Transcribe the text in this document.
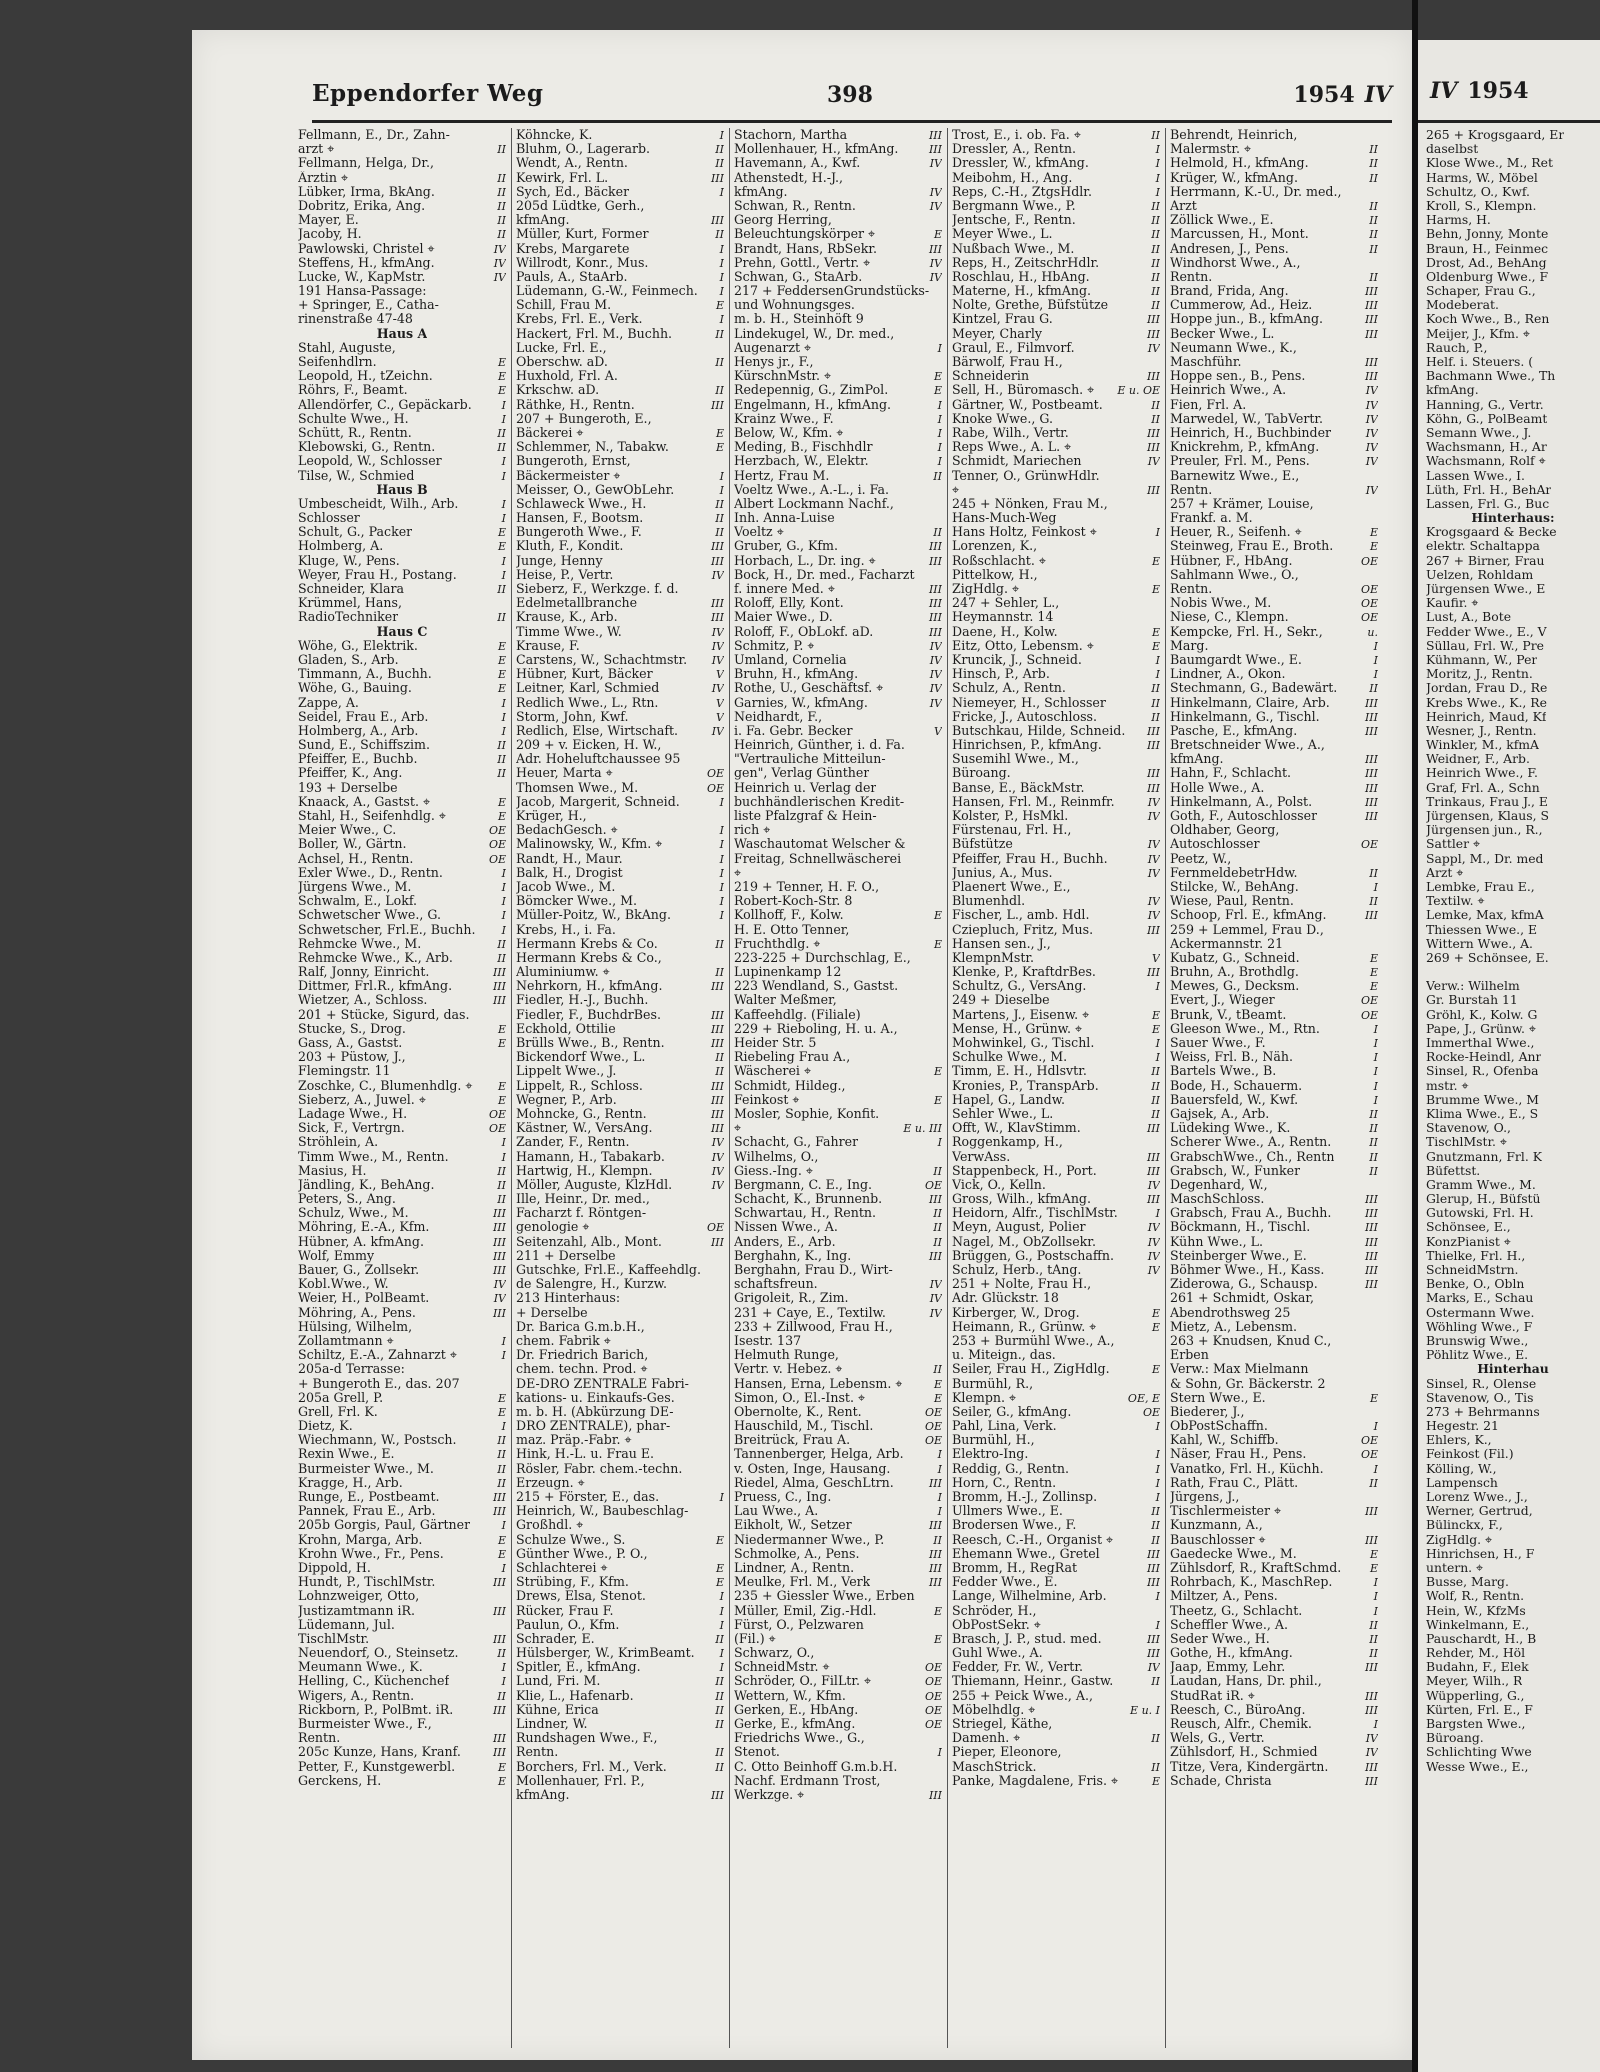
IV 1954
265 + Krogsgaard, Er
daselbst
Klose Wwe., M., Ret
Harms, W., Möbel
Schultz, O., Kwf.
Kroll, S., Klempn.
Harms, H.
Behn, Jonny, Monte
Braun, H., Feinmec
Drost, Ad., BehAng
Oldenburg Wwe., F
Schaper, Frau G.,
Modeberat.
Koch Wwe., B., Ren
Meijer, J., Kfm. ⌖
Rauch, P.,
Helf. i. Steuers. (
Bachmann Wwe., Th
kfmAng.
Hanning, G., Vertr.
Köhn, G., PolBeamt
Semann Wwe., J.
Wachsmann, H., Ar
Wachsmann, Rolf ⌖
Lassen Wwe., I.
Lüth, Frl. H., BehAr
Lassen, Frl. G., Buc
Hinterhaus:
Krogsgaard & Becke
elektr. Schaltappa
267 + Birner, Frau
Uelzen, Rohldam
Jürgensen Wwe., E
Kaufir. ⌖
Lust, A., Bote
Fedder Wwe., E., V
Süllau, Frl. W., Pre
Kühmann, W., Per
Moritz, J., Rentn.
Jordan, Frau D., Re
Krebs Wwe., K., Re
Heinrich, Maud, Kf
Wesner, J., Rentn.
Winkler, M., kfmA
Weidner, F., Arb.
Heinrich Wwe., F.
Graf, Frl. A., Schn
Trinkaus, Frau J., E
Jürgensen, Klaus, S
Jürgensen jun., R.,
Sattler ⌖
Sappl, M., Dr. med
Arzt ⌖
Lembke, Frau E.,
Textilw. ⌖
Lemke, Max, kfmA
Thiessen Wwe., E
Wittern Wwe., A.
269 + Schönsee, E.
Verw.: Wilhelm
Gr. Burstah 11
Gröhl, K., Kolw. G
Pape, J., Grünw. ⌖
Immerthal Wwe.,
Rocke-Heindl, Anr
Sinsel, R., Ofenba
mstr. ⌖
Brumme Wwe., M
Klima Wwe., E., S
Stavenow, O.,
TischlMstr. ⌖
Gnutzmann, Frl. K
Büfettst.
Gramm Wwe., M.
Glerup, H., Büfstü
Gutowski, Frl. H.
Schönsee, E.,
KonzPianist ⌖
Thielke, Frl. H.,
SchneidMstrn.
Benke, O., Obln
Marks, E., Schau
Ostermann Wwe.
Wöhling Wwe., F
Brunswig Wwe.,
Pöhlitz Wwe., E.
Hinterhau
Sinsel, R., Olense
Stavenow, O., Tis
273 + Behrmanns
Hegestr. 21
Ehlers, K.,
Feinkost (Fil.)
Kölling, W.,
Lampensch
Lorenz Wwe., J.,
Werner, Gertrud,
Bülinckx, F.,
ZigHdlg. ⌖
Hinrichsen, H., F
untern. ⌖
Busse, Marg.
Wolf, R., Rentn.
Hein, W., KfzMs
Winkelmann, E.,
Pauschardt, H., B
Rehder, M., Höl
Budahn, F., Elek
Meyer, Wilh., R
Wüpperling, G.,
Kürten, Frl. E., F
Bargsten Wwe.,
Büroang.
Schlichting Wwe
Wesse Wwe., E.,
Eppendorfer Weg	398	1954 IV
Fellmann, E., Dr., Zahn-
arzt ⌖	II
Fellmann, Helga, Dr.,
Ärztin ⌖	II
Lübker, Irma, BkAng.	II
Dobritz, Erika, Ang.	II
Mayer, E.	II
Jacoby, H.	II
Pawlowski, Christel ⌖	IV
Steffens, H., kfmAng.	IV
Lucke, W., KapMstr.	IV
191 Hansa-Passage:
+ Springer, E., Catha-
rinenstraße 47-48
Haus A
Stahl, Auguste,
Seifenhdlrn.	E
Leopold, H., tZeichn.	E
Röhrs, F., Beamt.	E
Allendörfer, C., Gepäckarb.	I
Schulte Wwe., H.	I
Schütt, R., Rentn.	II
Klebowski, G., Rentn.	II
Leopold, W., Schlosser	I
Tilse, W., Schmied	I
Haus B
Umbescheidt, Wilh., Arb.	I
Schlosser	I
Schult, G., Packer	E
Holmberg, A.	E
Kluge, W., Pens.	I
Weyer, Frau H., Postang.	I
Schneider, Klara	II
Krümmel, Hans,
RadioTechniker	II
Haus C
Wöhe, G., Elektrik.	E
Gladen, S., Arb.	E
Timmann, A., Buchh.	E
Wöhe, G., Bauing.	E
Zappe, A.	I
Seidel, Frau E., Arb.	I
Holmberg, A., Arb.	I
Sund, E., Schiffszim.	II
Pfeiffer, E., Buchb.	II
Pfeiffer, K., Ang.	II
193 + Derselbe
Knaack, A., Gastst. ⌖	E
Stahl, H., Seifenhdlg. ⌖	E
Meier Wwe., C.	OE
Boller, W., Gärtn.	OE
Achsel, H., Rentn.	OE
Exler Wwe., D., Rentn.	I
Jürgens Wwe., M.	I
Schwalm, E., Lokf.	I
Schwetscher Wwe., G.	I
Schwetscher, Frl.E., Buchh. I
Rehmcke Wwe., M.	II
Rehmcke Wwe., K., Arb.	II
Ralf, Jonny, Einricht.	III
Dittmer, Frl.R., kfmAng.	III
Wietzer, A., Schloss.	III
201 + Stücke, Sigurd, das.
Stucke, S., Drog.	E
Gass, A., Gastst.	E
203 + Püstow, J.,
Flemingstr. 11
Zoschke, C., Blumenhdlg. ⌖ E
Sieberz, A., Juwel. ⌖	E
Ladage Wwe., H.	OE
Sick, F., Vertrgn.	OE
Ströhlein, A.	I
Timm Wwe., M., Rentn.	I
Masius, H.	II
Jändling, K., BehAng.	II
Peters, S., Ang.	II
Schulz, Wwe., M.	III
Möhring, E.-A., Kfm.	III
Hübner, A. kfmAng.	III
Wolf, Emmy	III
Bauer, G., Zollsekr.	III
Kobl.Wwe., W.	IV
Weier, H., PolBeamt.	IV
Möhring, A., Pens.	III
Hülsing, Wilhelm,
Zollamtmann ⌖	I
Schiltz, E.-A., Zahnarzt ⌖	I
205a-d Terrasse:
+ Bungeroth E., das. 207
205a Grell, P.	E
Grell, Frl. K.	E
Dietz, K.	I
Wiechmann, W., Postsch.	II
Rexin Wwe., E.	II
Burmeister Wwe., M.	II
Kragge, H., Arb.	II
Runge, E., Postbeamt.	III
Pannek, Frau E., Arb.	III
205b Gorgis, Paul, Gärtner	I
Krohn, Marga, Arb.	E
Krohn Wwe., Fr., Pens.	E
Dippold, H.	I
Hundt, P., TischlMstr.	III
Lohnzweiger, Otto,
Justizamtmann iR.	III
Lüdemann, Jul.
TischlMstr.	III
Neuendorf, O., Steinsetz.	II
Meumann Wwe., K.	I
Helling, C., Küchenchef	I
Wigers, A., Rentn.	II
Rickborn, P., PolBmt. iR.	III
Burmeister Wwe., F.,
Rentn.	III
205c Kunze, Hans, Kranf.	III
Petter, F., Kunstgewerbl.	E
Gerckens, H.	E
Köhncke, K.	I
Bluhm, O., Lagerarb.	II
Wendt, A., Rentn.	II
Kewirk, Frl. L.	III
Sych, Ed., Bäcker	I
205d Lüdtke, Gerh.,
kfmAng.	III
Müller, Kurt, Former	II
Krebs, Margarete	I
Willrodt, Konr., Mus.	I
Pauls, A., StaArb.	I
Lüdemann, G.-W., Feinmech. I
Schill, Frau M.	E
Krebs, Frl. E., Verk.	I
Hackert, Frl. M., Buchh.	II
Lucke, Frl. E.,
Oberschw. aD.	II
Huxhold, Frl. A.
Krkschw. aD.	II
Räthke, H., Rentn.	III
207 + Bungeroth, E.,
Bäckerei ⌖	E
Schlemmer, N., Tabakw.	E
Bungeroth, Ernst,
Bäckermeister ⌖	I
Meisser, O., GewObLehr.	I
Schlaweck Wwe., H.	II
Hansen, F., Bootsm.	II
Bungeroth Wwe., F.	II
Kluth, F., Kondit.	III
Junge, Henny	III
Heise, P., Vertr.	IV
Sieberz, F., Werkzge. f. d.
Edelmetallbranche	III
Krause, K., Arb.	III
Timme Wwe., W.	IV
Krause, F.	IV
Carstens, W., Schachtmstr. IV
Hübner, Kurt, Bäcker	V
Leitner, Karl, Schmied	IV
Redlich Wwe., L., Rtn.	V
Storm, John, Kwf.	V
Redlich, Else, Wirtschaft.	IV
209 + v. Eicken, H. W.,
Adr. Hoheluftchaussee 95
Heuer, Marta ⌖	OE
Thomsen Wwe., M.	OE
Jacob, Margerit, Schneid.	I
Krüger, H.,
BedachGesch. ⌖	I
Malinowsky, W., Kfm. ⌖	I
Randt, H., Maur.	I
Balk, H., Drogist	I
Jacob Wwe., M.	I
Bömcker Wwe., M.	I
Müller-Poitz, W., BkAng.	I
Krebs, H., i. Fa.
Hermann Krebs & Co.	II
Hermann Krebs & Co.,
Aluminiumw. ⌖	II
Nehrkorn, H., kfmAng.	III
Fiedler, H.-J., Buchh.
Fiedler, F., BuchdrBes.	III
Eckhold, Ottilie	III
Brülls Wwe., B., Rentn.	III
Bickendorf Wwe., L.	II
Lippelt Wwe., J.	II
Lippelt, R., Schloss.	III
Wegner, P., Arb.	III
Mohncke, G., Rentn.	III
Kästner, W., VersAng.	III
Zander, F., Rentn.	IV
Hamann, H., Tabakarb.	IV
Hartwig, H., Klempn.	IV
Möller, Auguste, KlzHdl.	IV
Ille, Heinr., Dr. med.,
Facharzt f. Röntgen-
genologie ⌖	OE
Seitenzahl, Alb., Mont.	III
211 + Derselbe
Gutschke, Frl.E., Kaffeehdlg.
de Salengre, H., Kurzw.
213 Hinterhaus:
+ Derselbe
Dr. Barica G.m.b.H.,
chem. Fabrik ⌖
Dr. Friedrich Barich,
chem. techn. Prod. ⌖
DE-DRO ZENTRALE Fabri-
kations- u. Einkaufs-Ges.
m. b. H. (Abkürzung DE-
DRO ZENTRALE), phar-
maz. Präp.-Fabr. ⌖
Hink, H.-L. u. Frau E.
Rösler, Fabr. chem.-techn.
Erzeugn. ⌖
215 + Förster, E., das.	I
Heinrich, W., Baubeschlag-
Großhdl. ⌖
Schulze Wwe., S.	E
Günther Wwe., P. O.,
Schlachterei ⌖	E
Strübing, F., Kfm.	E
Drews, Elsa, Stenot.	I
Rücker, Frau F.	I
Paulun, O., Kfm.	I
Schrader, E.	II
Hülsberger, W., KrimBeamt. I
Spitler, E., kfmAng.	I
Lund, Fri. M.	II
Klie, L., Hafenarb.	II
Kühne, Erica	II
Lindner, W.	II
Rundshagen Wwe., F.,
Rentn.	II
Borchers, Frl. M., Verk.	II
Mollenhauer, Frl. P.,
kfmAng.	III
Stachorn, Martha	III
Mollenhauer, H., kfmAng.	III
Havemann, A., Kwf.	IV
Athenstedt, H.-J.,
kfmAng.	IV
Schwan, R., Rentn.	IV
Georg Herring,
Beleuchtungskörper ⌖	E
Brandt, Hans, RbSekr.	III
Prehn, Gottl., Vertr. ⌖	IV
Schwan, G., StaArb.	IV
217 + FeddersenGrundstücks-
und Wohnungsges.
m. b. H., Steinhöft 9
Lindekugel, W., Dr. med.,
Augenarzt ⌖	I
Henys jr., F.,
KürschnMstr. ⌖	E
Redepennig, G., ZimPol.	E
Engelmann, H., kfmAng.	I
Krainz Wwe., F.	I
Below, W., Kfm. ⌖	I
Meding, B., Fischhdlr	I
Herzbach, W., Elektr.	I
Hertz, Frau M.	II
Voeltz Wwe., A.-L., i. Fa.
Albert Lockmann Nachf.,
Inh. Anna-Luise
Voeltz ⌖	II
Gruber, G., Kfm.	III
Horbach, L., Dr. ing. ⌖	III
Bock, H., Dr. med., Facharzt
f. innere Med. ⌖	III
Roloff, Elly, Kont.	III
Maier Wwe., D.	III
Roloff, F., ObLokf. aD.	III
Schmitz, P. ⌖	IV
Umland, Cornelia	IV
Bruhn, H., kfmAng.	IV
Rothe, U., Geschäftsf. ⌖	IV
Garnies, W., kfmAng.	IV
Neidhardt, F.,
i. Fa. Gebr. Becker	V
Heinrich, Günther, i. d. Fa.
"Vertrauliche Mitteilun-
gen", Verlag Günther
Heinrich u. Verlag der
buchhändlerischen Kredit-
liste Pfalzgraf & Hein-
rich ⌖
Waschautomat Welscher &
Freitag, Schnellwäscherei
⌖
219 + Tenner, H. F. O.,
Robert-Koch-Str. 8
Kollhoff, F., Kolw.	E
H. E. Otto Tenner,
Fruchthdlg. ⌖	E
223-225 + Durchschlag, E.,
Lupinenkamp 12
223 Wendland, S., Gastst.
Walter Meßmer,
Kaffeehdlg. (Filiale)
229 + Rieboling, H. u. A.,
Heider Str. 5
Riebeling Frau A.,
Wäscherei ⌖	E
Schmidt, Hildeg.,
Feinkost ⌖	E
Mosler, Sophie, Konfit.
⌖	E u. III
Schacht, G., Fahrer	I
Wilhelms, O.,
Giess.-Ing. ⌖	II
Bergmann, C. E., Ing.	OE
Schacht, K., Brunnenb.	III
Schwartau, H., Rentn.	II
Nissen Wwe., A.	II
Anders, E., Arb.	II
Berghahn, K., Ing.	III
Berghahn, Frau D., Wirt-
schaftsfreun.	IV
Grigoleit, R., Zim.	IV
231 + Caye, E., Textilw.	IV
233 + Zillwood, Frau H.,
Isestr. 137
Helmuth Runge,
Vertr. v. Hebez. ⌖	II
Hansen, Erna, Lebensm. ⌖	E
Simon, O., El.-Inst. ⌖	E
Obernolte, K., Rent.	OE
Hauschild, M., Tischl.	OE
Breitrück, Frau A.	OE
Tannenberger, Helga, Arb.	I
v. Osten, Inge, Hausang.	I
Riedel, Alma, GeschLtrn.	III
Pruess, C., Ing.	I
Lau Wwe., A.	I
Eikholt, W., Setzer	III
Niedermanner Wwe., P.	II
Schmolke, A., Pens.	III
Lindner, A., Rentn.	III
Meulke, Frl. M., Verk	III
235 + Giessler Wwe., Erben
Müller, Emil, Zig.-Hdl.	E
Fürst, O., Pelzwaren
(Fil.) ⌖	E
Schwarz, O.,
SchneidMstr. ⌖	OE
Schröder, O., FilLtr. ⌖	OE
Wettern, W., Kfm.	OE
Gerken, E., HbAng.	OE
Gerke, E., kfmAng.	OE
Friedrichs Wwe., G.,
Stenot.	I
C. Otto Beinhoff G.m.b.H.
Nachf. Erdmann Trost,
Werkzge. ⌖	III
Trost, E., i. ob. Fa. ⌖	II
Dressler, A., Rentn.	I
Dressler, W., kfmAng.	I
Meibohm, H., Ang.	I
Reps, C.-H., ZtgsHdlr.	I
Bergmann Wwe., P.	II
Jentsche, F., Rentn.	II
Meyer Wwe., L.	II
Nußbach Wwe., M.	II
Reps, H., ZeitschrHdlr.	II
Roschlau, H., HbAng.	II
Materne, H., kfmAng.	II
Nolte, Grethe, Büfstütze	II
Kintzel, Frau G.	III
Meyer, Charly	III
Graul, E., Filmvorf.	IV
Bärwolf, Frau H.,
Schneiderin	III
Sell, H., Büromasch. ⌖ E u. OE
Gärtner, W., Postbeamt.	II
Knoke Wwe., G.	II
Rabe, Wilh., Vertr.	III
Reps Wwe., A. L. ⌖	III
Schmidt, Mariechen	IV
Tenner, O., GrünwHdlr.
⌖	III
245 + Nönken, Frau M.,
Hans-Much-Weg
Hans Holtz, Feinkost ⌖	I
Lorenzen, K.,
Roßschlacht. ⌖	E
Pittelkow, H.,
ZigHdlg. ⌖	E
247 + Sehler, L.,
Heymannstr. 14
Daene, H., Kolw.	E
Eitz, Otto, Lebensm. ⌖	E
Kruncik, J., Schneid.	I
Hinsch, P., Arb.	I
Schulz, A., Rentn.	II
Niemeyer, H., Schlosser	II
Fricke, J., Autoschloss.	II
Butschkau, Hilde, Schneid. III
Hinrichsen, P., kfmAng.	III
Susemihl Wwe., M.,
Büroang.	III
Banse, E., BäckMstr.	III
Hansen, Frl. M., Reinmfr.	IV
Kolster, P., HsMkl.	IV
Fürstenau, Frl. H.,
Büfstütze	IV
Pfeiffer, Frau H., Buchh.	IV
Junius, A., Mus.	IV
Plaenert Wwe., E.,
Blumenhdl.	IV
Fischer, L., amb. Hdl.	IV
Cziepluch, Fritz, Mus.	III
Hansen sen., J.,
KlempnMstr.	V
Klenke, P., KraftdrBes.	III
Schultz, G., VersAng.	I
249 + Dieselbe
Martens, J., Eisenw. ⌖	E
Mense, H., Grünw. ⌖	E
Mohwinkel, G., Tischl.	I
Schulke Wwe., M.	I
Timm, E. H., Hdlsvtr.	II
Kronies, P., TranspArb.	II
Hapel, G., Landw.	II
Sehler Wwe., L.	II
Offt, W., KlavStimm.	III
Roggenkamp, H.,
VerwAss.	III
Stappenbeck, H., Port.	III
Vick, O., Kelln.	IV
Gross, Wilh., kfmAng.	III
Heidorn, Alfr., TischlMstr.	I
Meyn, August, Polier	IV
Nagel, M., ObZollsekr.	IV
Brüggen, G., Postschaffn.	IV
Schulz, Herb., tAng.	IV
251 + Nolte, Frau H.,
Adr. Glückstr. 18
Kirberger, W., Drog.	E
Heimann, R., Grünw. ⌖	E
253 + Burmühl Wwe., A.,
u. Miteign., das.
Seiler, Frau H., ZigHdlg.	E
Burmühl, R.,
Klempn. ⌖	OE, E
Seiler, G., kfmAng.	OE
Pahl, Lina, Verk.	I
Burmühl, H.,
Elektro-Ing.	I
Reddig, G., Rentn.	I
Horn, C., Rentn.	I
Bromm, H.-J., Zollinsp.	I
Ullmers Wwe., E.	II
Brodersen Wwe., F.	II
Reesch, C.-H., Organist ⌖	II
Ehemann Wwe., Gretel	III
Bromm, H., RegRat	III
Fedder Wwe., E.	III
Lange, Wilhelmine, Arb.	I
Schröder, H.,
ObPostSekr. ⌖	I
Brasch, J. P., stud. med.	III
Guhl Wwe., A.	III
Fedder, Fr. W., Vertr.	IV
Thiemann, Heinr., Gastw.	II
255 + Peick Wwe., A.,
Möbelhdlg. ⌖	E u. I
Striegel, Käthe,
Damenh. ⌖	II
Pieper, Eleonore,
MaschStrick.	II
Panke, Magdalene, Fris. ⌖	E
Behrendt, Heinrich,
Malermstr. ⌖	II
Helmold, H., kfmAng.	II
Krüger, W., kfmAng.	II
Herrmann, K.-U., Dr. med.,
Arzt	II
Zöllick Wwe., E.	II
Marcussen, H., Mont.	II
Andresen, J., Pens.	II
Windhorst Wwe., A.,
Rentn.	II
Brand, Frida, Ang.	III
Cummerow, Ad., Heiz.	III
Hoppe jun., B., kfmAng.	III
Becker Wwe., L.	III
Neumann Wwe., K.,
Maschführ.	III
Hoppe sen., B., Pens.	III
Heinrich Wwe., A.	IV
Fien, Frl. A.	IV
Marwedel, W., TabVertr.	IV
Heinrich, H., Buchbinder	IV
Knickrehm, P., kfmAng.	IV
Preuler, Frl. M., Pens.	IV
Barnewitz Wwe., E.,
Rentn.	IV
257 + Krämer, Louise,
Frankf. a. M.
Heuer, R., Seifenh. ⌖	E
Steinweg, Frau E., Broth.	E
Hübner, F., HbAng.	OE
Sahlmann Wwe., O.,
Rentn.	OE
Nobis Wwe., M.	OE
Niese, C., Klempn.	OE
Kempcke, Frl. H., Sekr.,	u.
Marg.	I
Baumgardt Wwe., E.	I
Lindner, A., Okon.	I
Stechmann, G., Badewärt.	II
Hinkelmann, Claire, Arb.	III
Hinkelmann, G., Tischl.	III
Pasche, E., kfmAng.	III
Bretschneider Wwe., A.,
kfmAng.	III
Hahn, F., Schlacht.	III
Holle Wwe., A.	III
Hinkelmann, A., Polst.	III
Goth, F., Autoschlosser	III
Oldhaber, Georg,
Autoschlosser	OE
Peetz, W.,
FernmeldebetrHdw.	II
Stilcke, W., BehAng.	I
Wiese, Paul, Rentn.	II
Schoop, Frl. E., kfmAng.	III
259 + Lemmel, Frau D.,
Ackermannstr. 21
Kubatz, G., Schneid.	E
Bruhn, A., Brothdlg.	E
Mewes, G., Decksm.	E
Evert, J., Wieger	OE
Brunk, V., tBeamt.	OE
Gleeson Wwe., M., Rtn.	I
Sauer Wwe., F.	I
Weiss, Frl. B., Näh.	I
Bartels Wwe., B.	I
Bode, H., Schauerm.	I
Bauersfeld, W., Kwf.	I
Gajsek, A., Arb.	II
Lüdeking Wwe., K.	II
Scherer Wwe., A., Rentn.	II
GrabschWwe., Ch., Rentn	II
Grabsch, W., Funker	II
Degenhard, W.,
MaschSchloss.	III
Grabsch, Frau A., Buchh.	III
Böckmann, H., Tischl.	III
Kühn Wwe., L.	III
Steinberger Wwe., E.	III
Böhmer Wwe., H., Kass.	III
Ziderowa, G., Schausp.	III
261 + Schmidt, Oskar,
Abendrothsweg 25
Mietz, A., Lebensm.
263 + Knudsen, Knud C.,
Erben
Verw.: Max Mielmann
& Sohn, Gr. Bäckerstr. 2
Stern Wwe., E.	E
Biederer, J.,
ObPostSchaffn.	I
Kahl, W., Schiffb.	OE
Näser, Frau H., Pens.	OE
Vanatko, Frl. H., Küchh.	I
Rath, Frau C., Plätt.	II
Jürgens, J.,
Tischlermeister ⌖	III
Kunzmann, A.,
Bauschlosser ⌖	III
Gaedecke Wwe., M.	E
Zühlsdorf, R., KraftSchmd.	E
Rohrbach, K., MaschRep.	I
Miltzer, A., Pens.	I
Theetz, G., Schlacht.	I
Scheffler Wwe., A.	II
Seder Wwe., H.	II
Gothe, H., kfmAng.	II
Jaap, Emmy, Lehr.	III
Laudan, Hans, Dr. phil.,
StudRat iR. ⌖	III
Reesch, C., BüroAng.	III
Reusch, Alfr., Chemik.	I
Wels, G., Vertr.	IV
Zühlsdorf, H., Schmied	IV
Titze, Vera, Kindergärtn.	III
Schade, Christa	III
